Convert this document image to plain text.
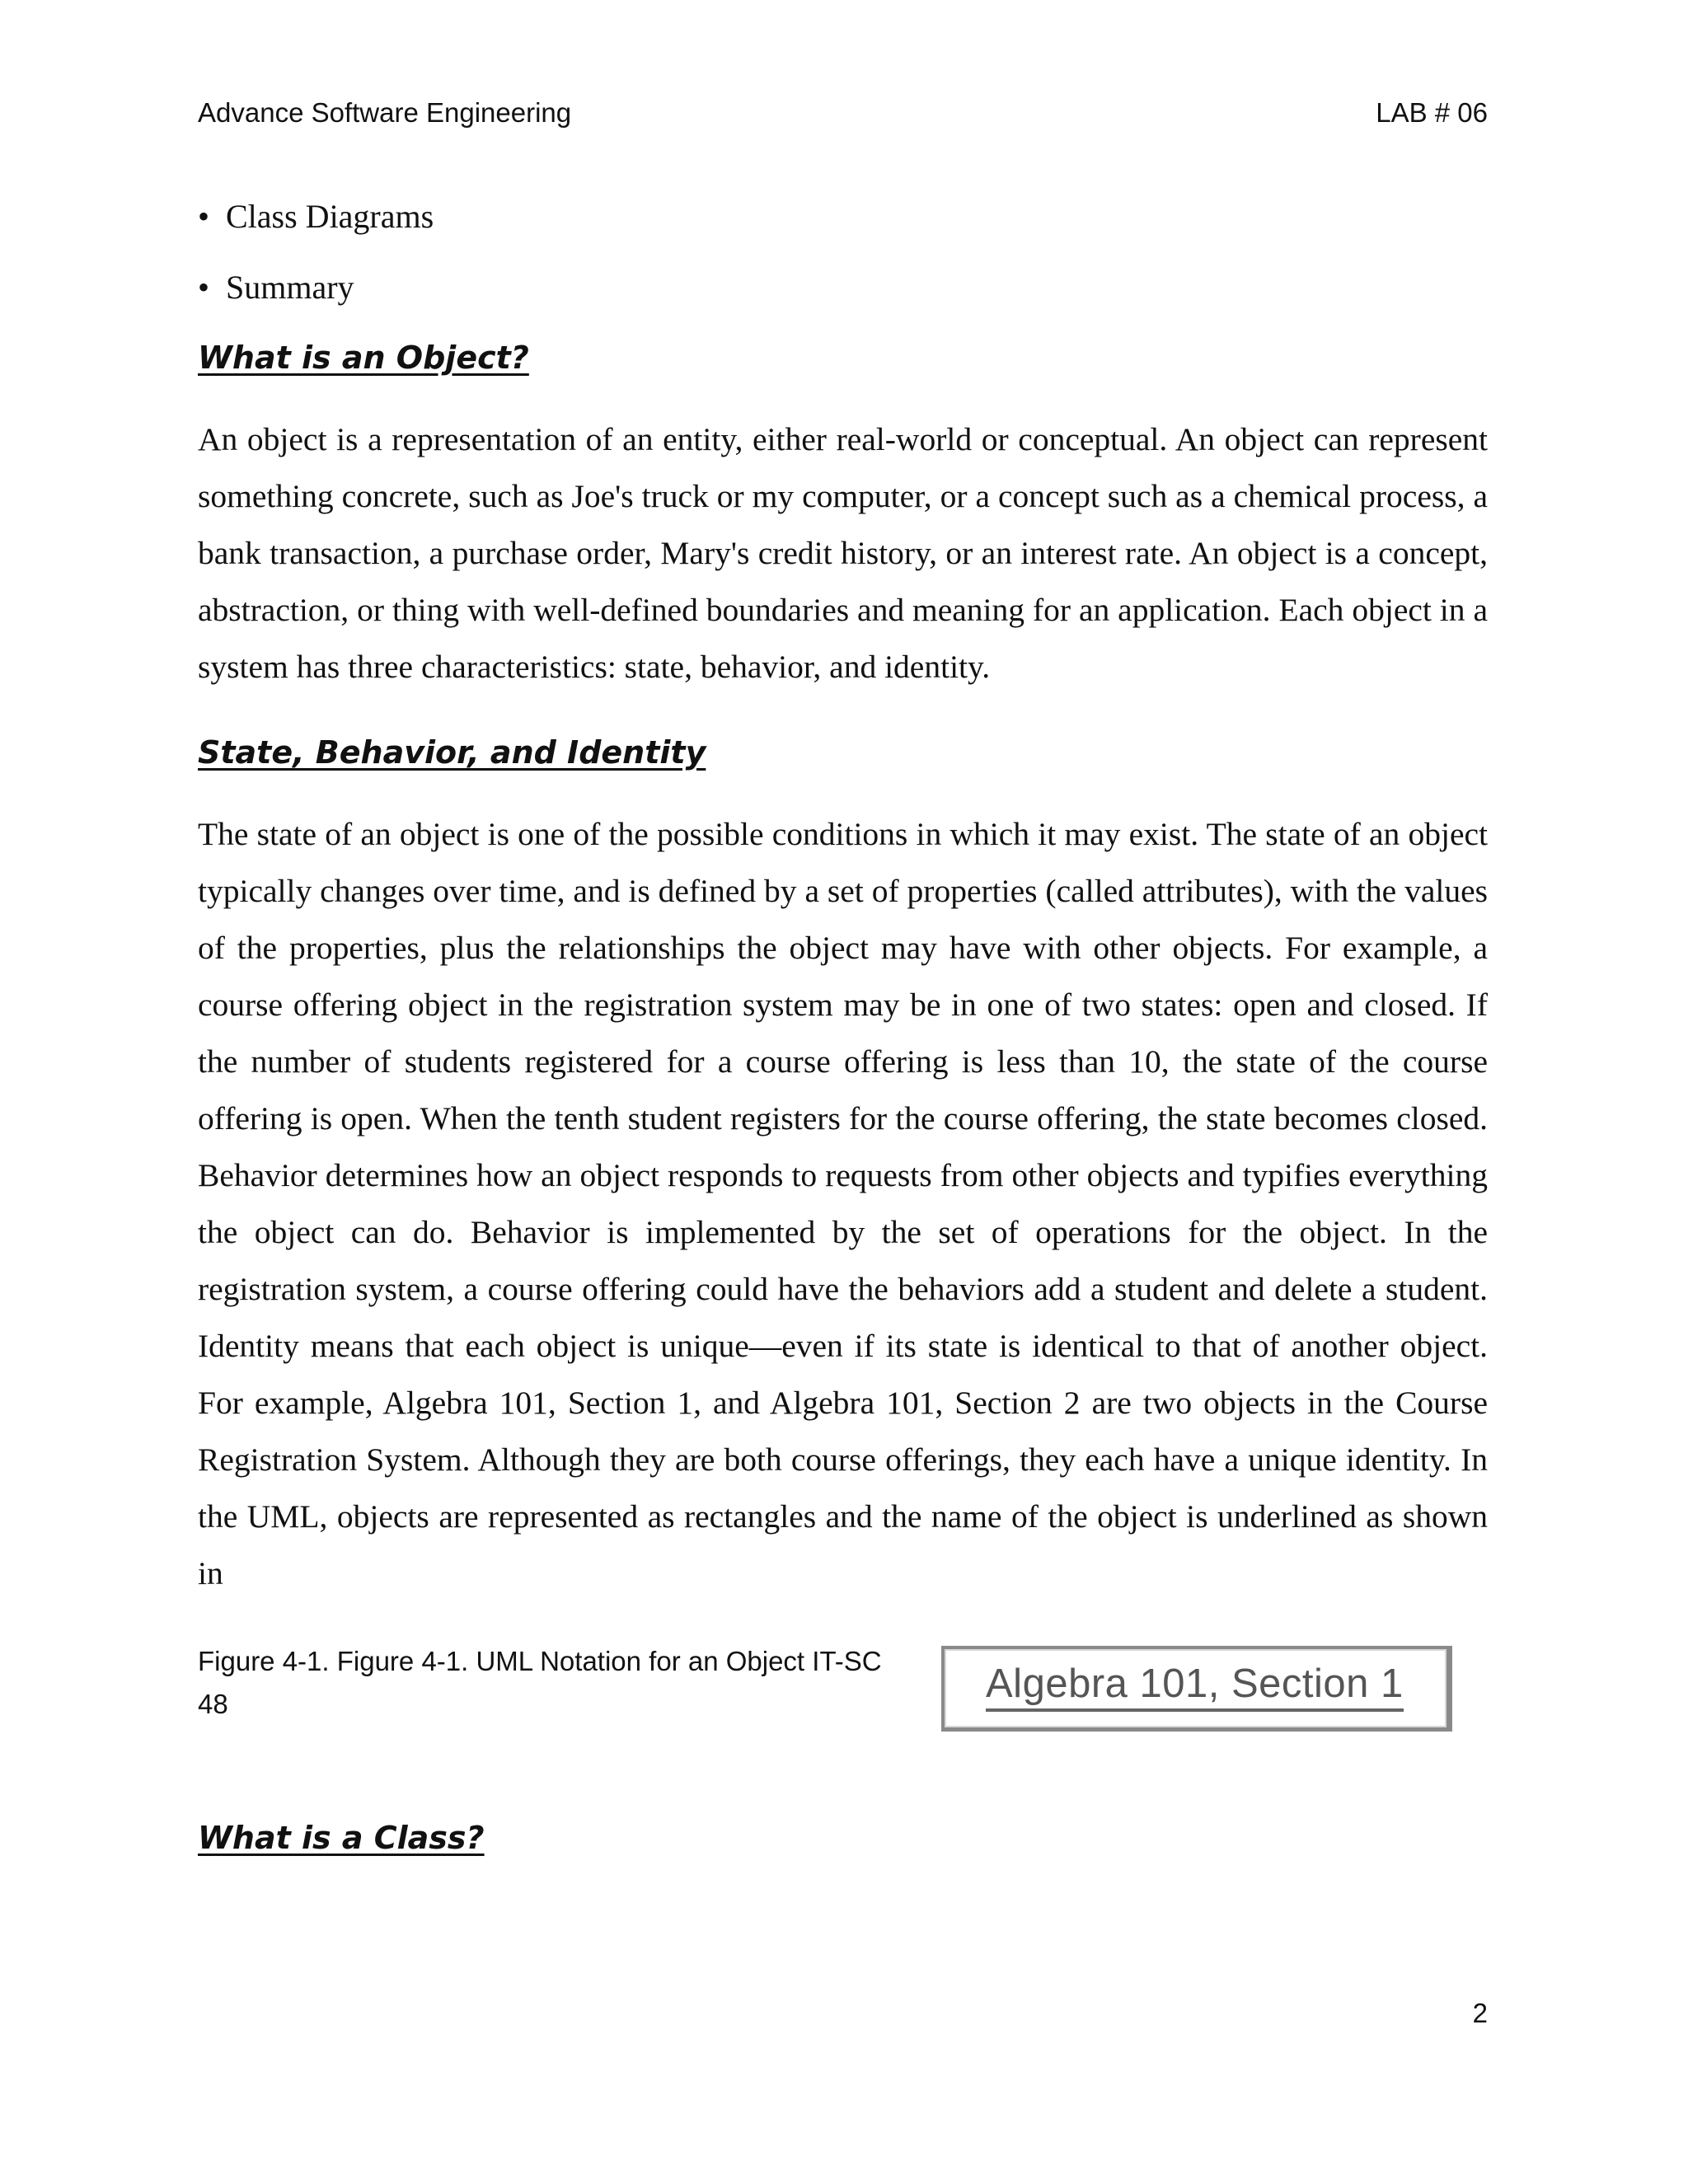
Advance Software Engineering	LAB # 06
• Class Diagrams
• Summary
What is an Object?
An object is a representation of an entity, either real-world or conceptual. An object can represent something concrete, such as Joe's truck or my computer, or a concept such as a chemical process, a bank transaction, a purchase order, Mary's credit history, or an interest rate. An object is a concept, abstraction, or thing with well-defined boundaries and meaning for an application. Each object in a system has three characteristics: state, behavior, and identity.
State, Behavior, and Identity
The state of an object is one of the possible conditions in which it may exist. The state of an object typically changes over time, and is defined by a set of properties (called attributes), with the values of the properties, plus the relationships the object may have with other objects. For example, a course offering object in the registration system may be in one of two states: open and closed. If the number of students registered for a course offering is less than 10, the state of the course offering is open. When the tenth student registers for the course offering, the state becomes closed. Behavior determines how an object responds to requests from other objects and typifies everything the object can do. Behavior is implemented by the set of operations for the object. In the registration system, a course offering could have the behaviors add a student and delete a student. Identity means that each object is unique—even if its state is identical to that of another object. For example, Algebra 101, Section 1, and Algebra 101, Section 2 are two objects in the Course Registration System. Although they are both course offerings, they each have a unique identity. In the UML, objects are represented as rectangles and the name of the object is underlined as shown in
Figure 4-1. Figure 4-1. UML Notation for an Object IT-SC 48	Algebra 101, Section 1
What is a Class?
2
